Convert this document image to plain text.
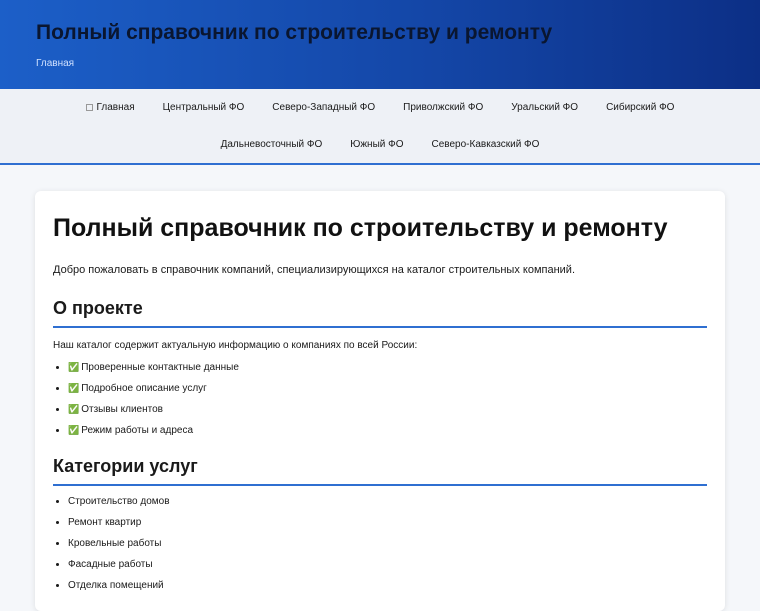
Полный справочник по строительству и ремонту
Главная
Главная	Центральный ФО	Северо-Западный ФО	Приволжский ФО	Уральский ФО	Сибирский ФО
Дальневосточный ФО	Южный ФО	Северо-Кавказский ФО
Полный справочник по строительству и ремонту

Добро пожаловать в справочник компаний, специализирующихся на каталог строительных компаний.

О проекте

Наш каталог содержит актуальную информацию о компаниях по всей России:

• ✅ Проверенные контактные данные
• ✅ Подробное описание услуг
• ✅ Отзывы клиентов
• ✅ Режим работы и адреса
Категории услуг
• Строительство домов
• Ремонт квартир
• Кровельные работы
• Фасадные работы
• Отделка помещений
